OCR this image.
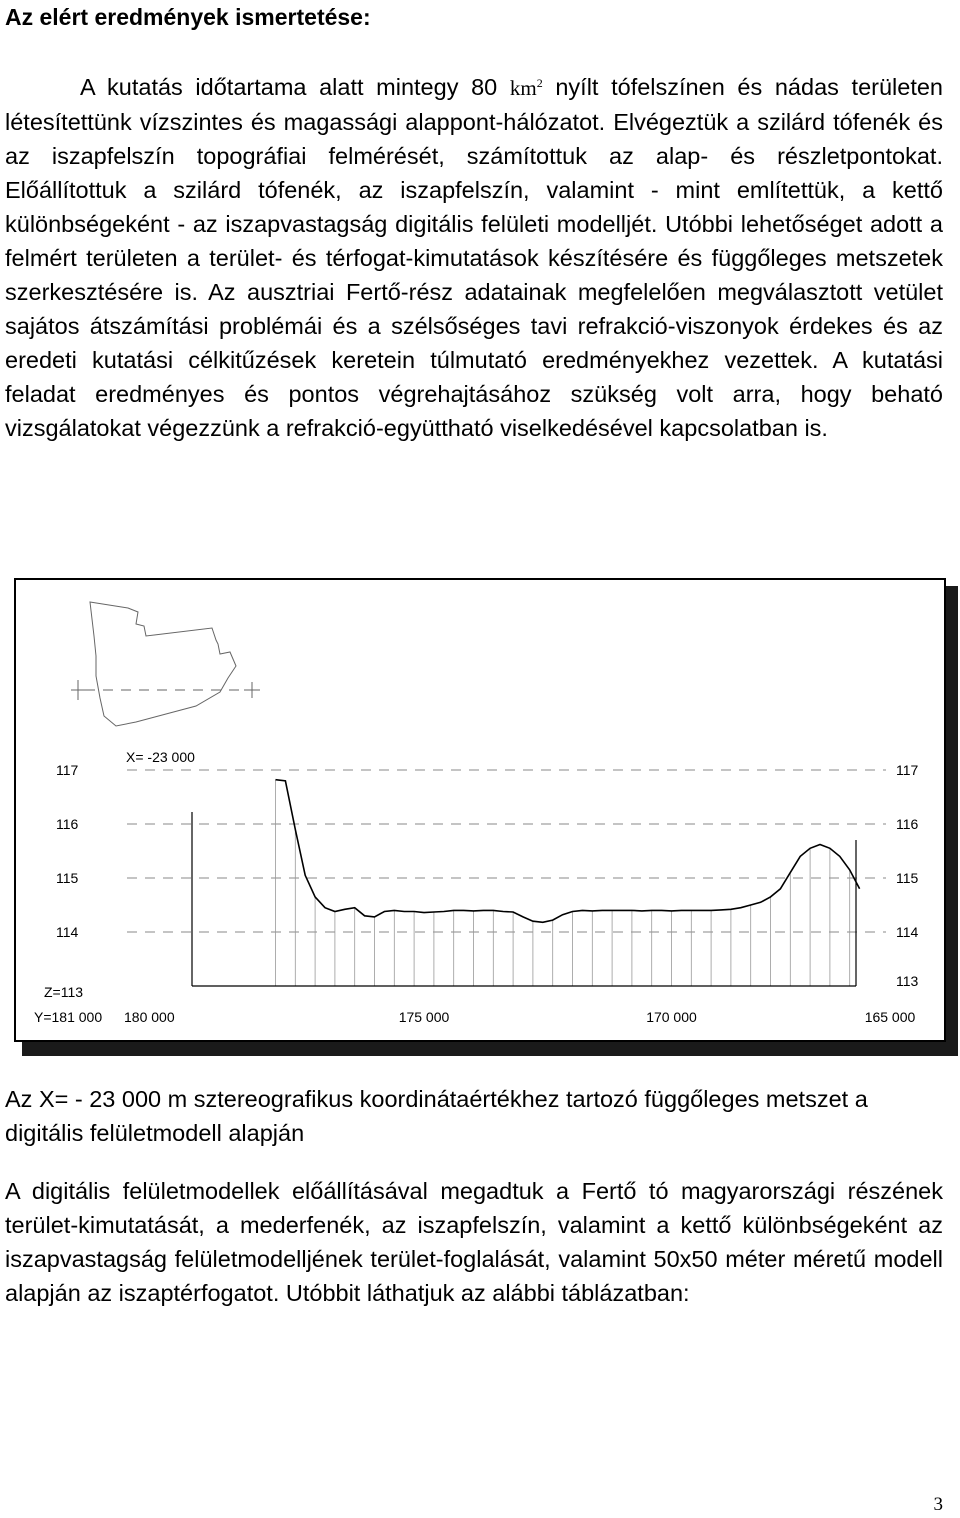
Az elért eredmények ismertetése:
A kutatás időtartama alatt mintegy 80 $km^2$ nyílt tófelszínen és nádas területen létesítettünk vízszintes és magassági alappont-hálózatot. Elvégeztük a szilárd tófenék és az iszapfelszín topográfiai felmérését, számítottuk az alap- és részletpontokat. Előállítottuk a szilárd tófenék, az iszapfelszín, valamint - mint említettük, a kettő különbségeként - az iszapvastagság digitális felületi modelljét. Utóbbi lehetőséget adott a felmért területen a terület- és térfogat-kimutatások készítésére és függőleges metszetek szerkesztésére is. Az ausztriai Fertő-rész adatainak megfelelően megválasztott vetület sajátos átszámítási problémái és a szélsőséges tavi refrakció-viszonyok érdekes és az eredeti kutatási célkitűzések keretein túlmutató eredményekhez vezettek. A kutatási feladat eredményes és pontos végrehajtásához szükség volt arra, hogy beható vizsgálatokat végezzünk a refrakció-együttható viselkedésével kapcsolatban is.
X= -23 000
117
116
115
114
117
116
115
114
113
Z=113
Y=181 000 180 000	175 000	170 000	165 000
Az X= - 23 000 m sztereografikus koordinátaértékhez tartozó függőleges metszet a digitális felületmodell alapján
A digitális felületmodellek előállításával megadtuk a Fertő tó magyarországi részének terület-kimutatását, a mederfenék, az iszapfelszín, valamint a kettő különbségeként az iszapvastagság felületmodelljének terület-foglalását, valamint 50x50 méter méretű modell alapján az iszaptérfogatot. Utóbbit láthatjuk az alábbi táblázatban:
3
